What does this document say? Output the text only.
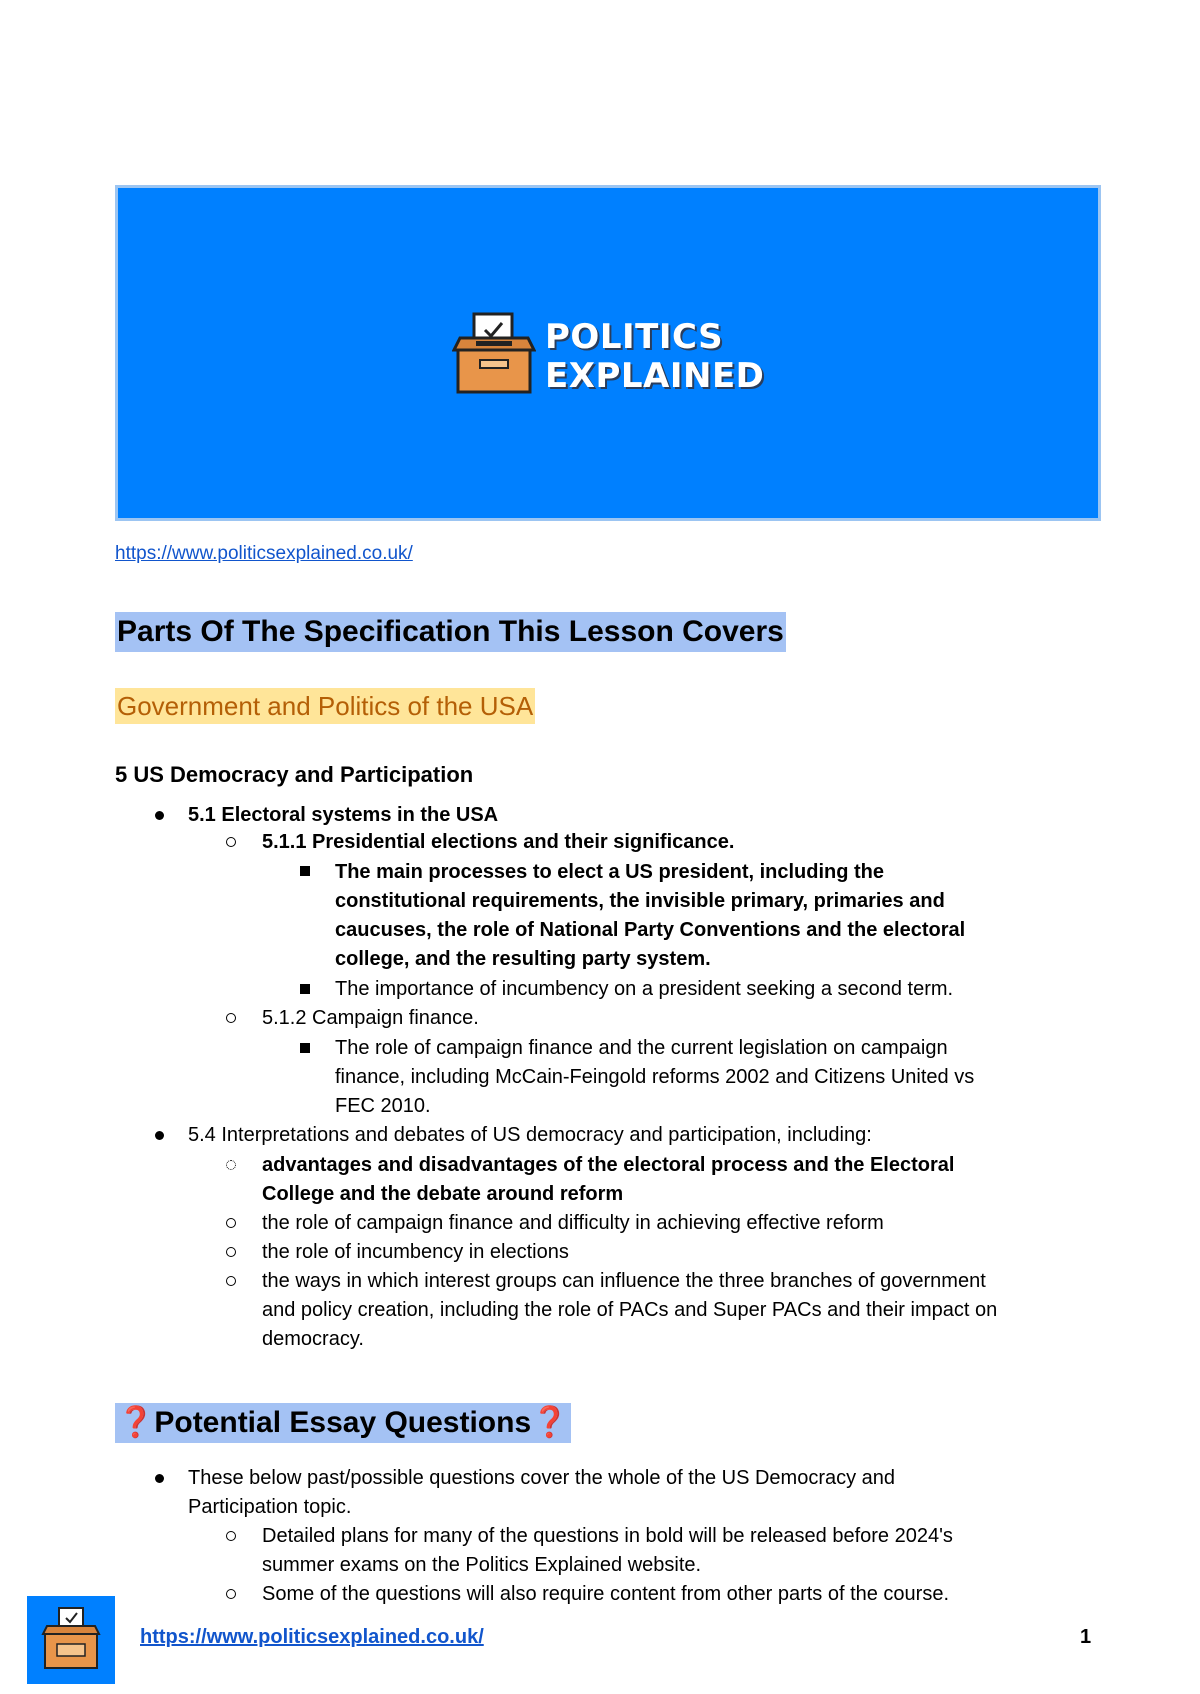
POLITICS
EXPLAINED
https://www.politicsexplained.co.uk/
Parts Of The Specification This Lesson Covers
Government and Politics of the USA
5 US Democracy and Participation
5.1 Electoral systems in the USA
5.1.1 Presidential elections and their significance.
The main processes to elect a US president, including the
constitutional requirements, the invisible primary, primaries and
caucuses, the role of National Party Conventions and the electoral
college, and the resulting party system.
The importance of incumbency on a president seeking a second term.
5.1.2 Campaign finance.
The role of campaign finance and the current legislation on campaign
finance, including McCain-Feingold reforms 2002 and Citizens United vs
FEC 2010.
5.4 Interpretations and debates of US democracy and participation, including:
advantages and disadvantages of the electoral process and the Electoral
College and the debate around reform
the role of campaign finance and difficulty in achieving effective reform
the role of incumbency in elections
the ways in which interest groups can influence the three branches of government
and policy creation, including the role of PACs and Super PACs and their impact on
democracy.
❓Potential Essay Questions❓
These below past/possible questions cover the whole of the US Democracy and
Participation topic.
Detailed plans for many of the questions in bold will be released before 2024's
summer exams on the Politics Explained website.
Some of the questions will also require content from other parts of the course.
https://www.politicsexplained.co.uk/	1
